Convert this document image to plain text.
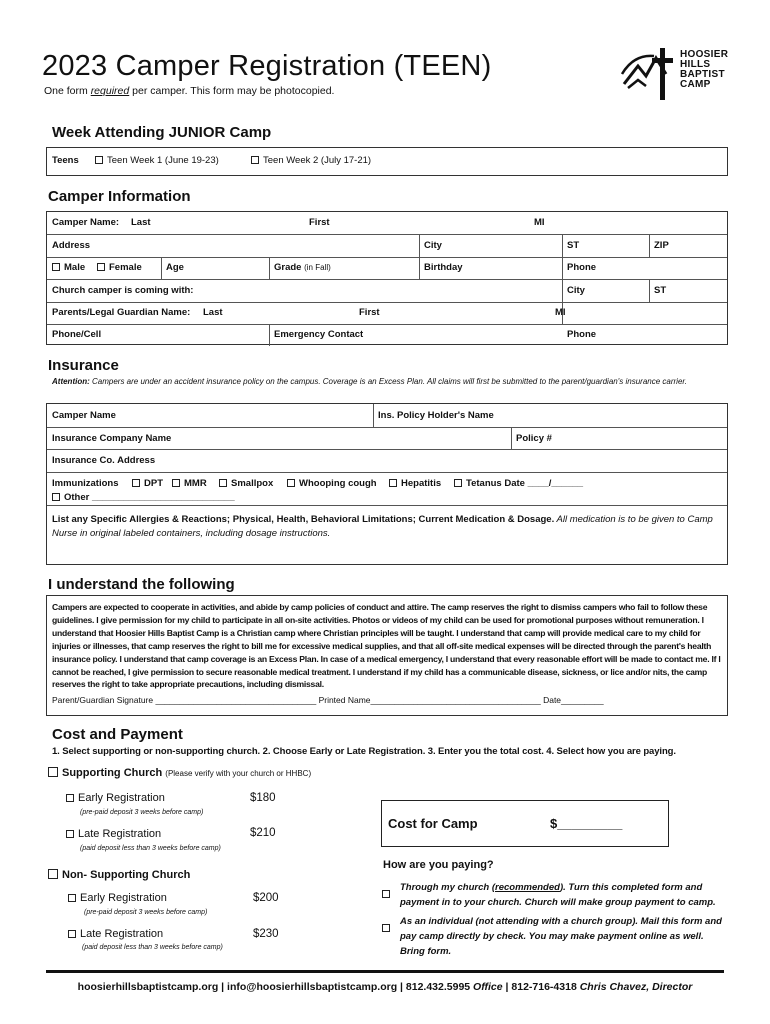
2023 Camper Registration (TEEN)
One form required per camper. This form may be photocopied.
HOOSIER
HILLS
BAPTIST
CAMP
Week Attending JUNIOR Camp
Teens	Teen Week 1 (June 19-23)	Teen Week 2 (July 17-21)
Camper Information
Camper Name: Last	First	MI
Address	City	ST	ZIP
Male	Female	Age	Grade (in Fall)	Birthday	Phone
Church camper is coming with:	City	ST
Parents/Legal Guardian Name: Last	First	MI
Phone/Cell	Emergency Contact	Phone
Insurance
Attention: Campers are under an accident insurance policy on the campus. Coverage is an Excess Plan. All claims will first be submitted to the parent/guardian's insurance carrier.
Camper Name	Ins. Policy Holder's Name
Insurance Company Name	Policy #
Insurance Co. Address
Immunizations	DPT	MMR	Smallpox	Whooping cough	Hepatitis	Tetanus Date ____/______
Other ___________________________
List any Specific Allergies & Reactions; Physical, Health, Behavioral Limitations; Current Medication & Dosage. All medication is to be given to Camp Nurse in original labeled containers, including dosage instructions.
I understand the following
Campers are expected to cooperate in activities, and abide by camp policies of conduct and attire. The camp reserves the right to dismiss campers who fail to follow these guidelines. I give permission for my child to participate in all on-site activities. Photos or videos of my child can be used for promotional purposes without remuneration. I understand that Hoosier Hills Baptist Camp is a Christian camp where Christian principles will be taught. I understand that camp will provide medical care to my child for injuries or illnesses, that camp reserves the right to bill me for excessive medical supplies, and that all off-site medical expenses will be directed through the parent's health insurance policy. I understand that camp coverage is an Excess Plan. In case of a medical emergency, I understand that every reasonable effort will be made to contact me. If I cannot be reached, I give permission to secure reasonable medical treatment. I understand if my child has a communicable disease, sickness, or lice and/or nits, the camp reserves the right to take appropriate precautions, including dismissal.
Parent/Guardian Signature __________________________________ Printed Name____________________________________ Date_________
Cost and Payment
1. Select supporting or non-supporting church. 2. Choose Early or Late Registration. 3. Enter you the total cost. 4. Select how you are paying.
Supporting Church (Please verify with your church or HHBC)
Early Registration
(pre-paid deposit 3 weeks before camp)
$180
Late Registration
(paid deposit less than 3 weeks before camp)
$210
Non- Supporting Church
Early Registration
(pre-paid deposit 3 weeks before camp)
$200
Late Registration
(paid deposit less than 3 weeks before camp)
$230
Cost for Camp	$_________
How are you paying?
Through my church (recommended). Turn this completed form and payment in to your church. Church will make group payment to camp.
As an individual (not attending with a church group). Mail this form and pay camp directly by check. You may make payment online as well. Bring form.
hoosierhillsbaptistcamp.org | info@hoosierhillsbaptistcamp.org | 812.432.5995 Office | 812-716-4318 Chris Chavez, Director
